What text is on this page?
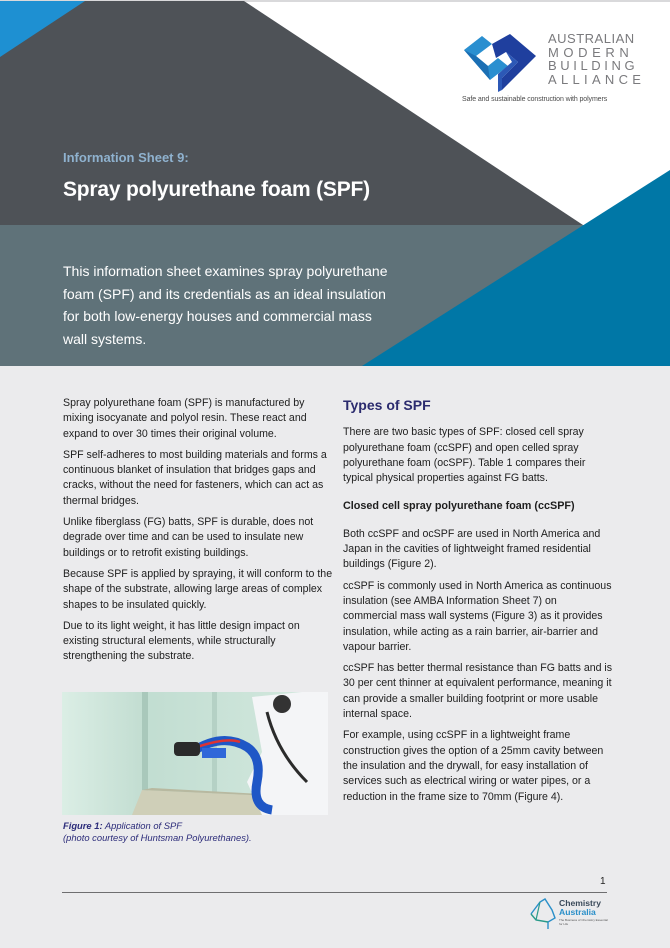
AUSTRALIAN
MODERN
BUILDING
ALLIANCE
Safe and sustainable construction with polymers
Information Sheet 9:
Spray polyurethane foam (SPF)
This information sheet examines spray polyurethane foam (SPF) and its credentials as an ideal insulation for both low-energy houses and commercial mass wall systems.

Spray polyurethane foam (SPF) is manufactured by mixing isocyanate and polyol resin. These react and expand to over 30 times their original volume.

SPF self-adheres to most building materials and forms a continuous blanket of insulation that bridges gaps and cracks, without the need for fasteners, which can act as thermal bridges.

Unlike fiberglass (FG) batts, SPF is durable, does not degrade over time and can be used to insulate new buildings or to retrofit existing buildings.

Because SPF is applied by spraying, it will conform to the shape of the substrate, allowing large areas of complex shapes to be insulated quickly.

Due to its light weight, it has little design impact on existing structural elements, while structurally strengthening the substrate.

Figure 1: Application of SPF
(photo courtesy of Huntsman Polyurethanes).
Types of SPF

There are two basic types of SPF: closed cell spray polyurethane foam (ccSPF) and open celled spray polyurethane foam (ocSPF). Table 1 compares their typical physical properties against FG batts.

Closed cell spray polyurethane foam (ccSPF)

Both ccSPF and ocSPF are used in North America and Japan in the cavities of lightweight framed residential buildings (Figure 2).

ccSPF is commonly used in North America as continuous insulation (see AMBA Information Sheet 7) on commercial mass wall systems (Figure 3) as it provides insulation, while acting as a rain barrier, air-barrier and vapour barrier.

ccSPF has better thermal resistance than FG batts and is 30 per cent thinner at equivalent performance, meaning it can provide a smaller building footprint or more usable internal space.

For example, using ccSPF in a lightweight frame construction gives the option of a 25mm cavity between the insulation and the drywall, for easy installation of services such as electrical wiring or water pipes, or a reduction in the frame size to 70mm (Figure 4).

1
Chemistry
Australia
The Business of Chemistry Essential for Life
